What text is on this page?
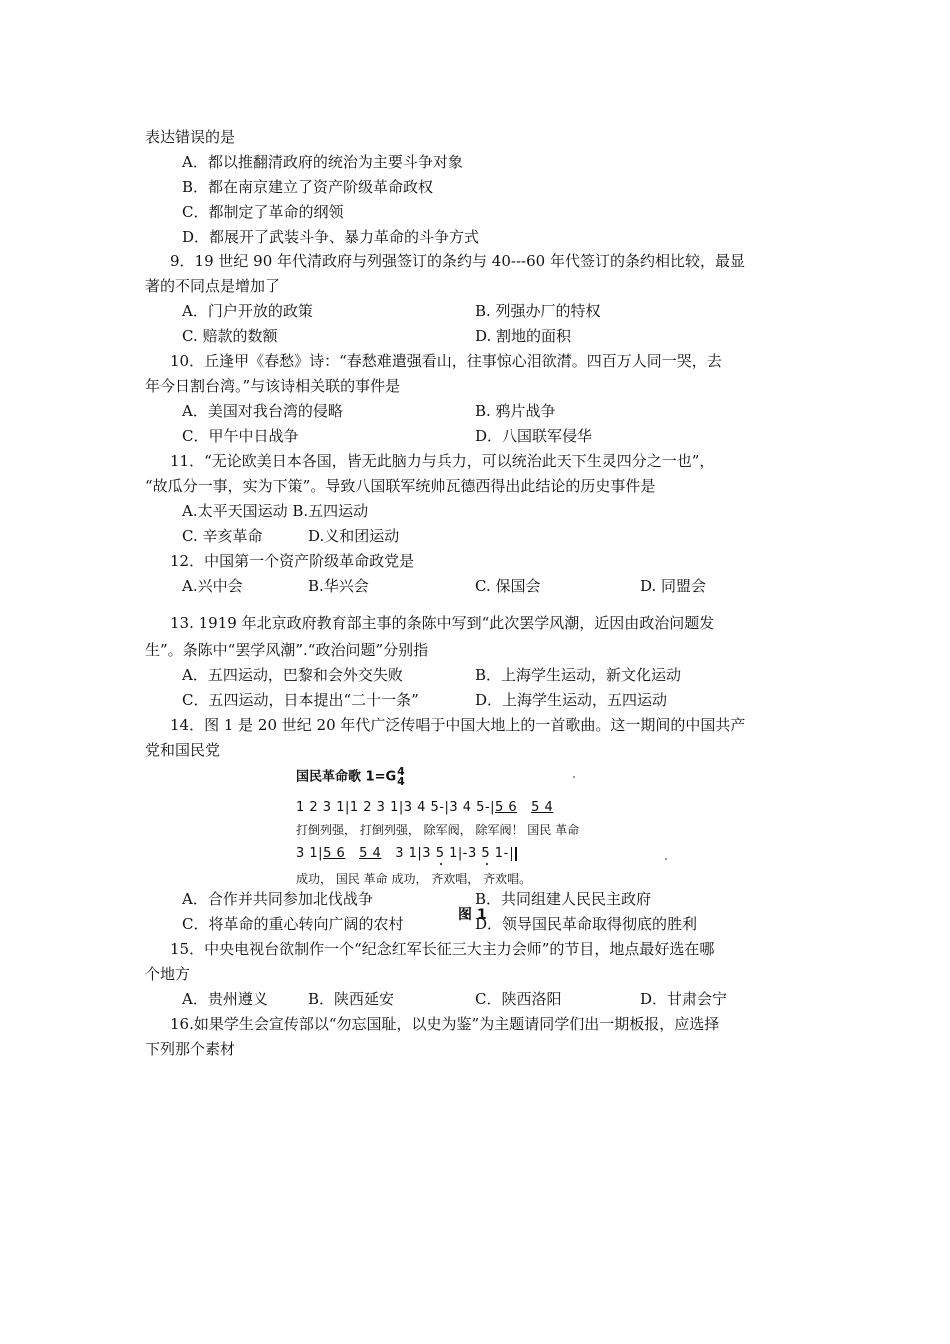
表达错误的是
A．都以推翻清政府的统治为主要斗争对象
B．都在南京建立了资产阶级革命政权
C．都制定了革命的纲领
D．都展开了武装斗争、暴力革命的斗争方式
9．19 世纪 90 年代清政府与列强签订的条约与 40---60 年代签订的条约相比较，最显
著的不同点是增加了
A．门户开放的政策	B. 列强办厂的特权
C. 赔款的数额	D. 割地的面积
10．丘逢甲《春愁》诗：“春愁难遣强看山，往事惊心泪欲潸。四百万人同一哭，去
年今日割台湾。”与该诗相关联的事件是
A．美国对我台湾的侵略	B. 鸦片战争
C．甲午中日战争	D．八国联军侵华
11．“无论欧美日本各国，皆无此脑力与兵力，可以统治此天下生灵四分之一也”，
“故瓜分一事，实为下策”。导致八国联军统帅瓦德西得出此结论的历史事件是
A.太平天国运动 B.五四运动
C. 辛亥革命	D.义和团运动
12．中国第一个资产阶级革命政党是
A.兴中会	B.华兴会	C. 保国会	D. 同盟会
13. 1919 年北京政府教育部主事的条陈中写到“此次罢学风潮，近因由政治问题发
生”。条陈中“罢学风潮”.“政治问题”分别指
A．五四运动，巴黎和会外交失败	B．上海学生运动，新文化运动
C．五四运动，日本提出“二十一条”	D．上海学生运动，五四运动
14．图 1 是 20 世纪 20 年代广泛传唱于中国大地上的一首歌曲。这一期间的中国共产
党和国民党
国民革命歌 1=G 4
4
1 2 3 1|1 2 3 1|3 4 5-|3 4 5-|5 6 5 4
打倒列强， 打倒列强， 除军阀， 除军阀！ 国民 革命
3 1|5 6 5 4 3 1|3 5 1|-3 5 1-
成功， 国民 革命 成功， 齐欢唱， 齐欢唱。
A．合作并共同参加北伐战争	B．共同组建人民民主政府
图 1
C．将革命的重心转向广阔的农村	D．领导国民革命取得彻底的胜利
15．中央电视台欲制作一个“纪念红军长征三大主力会师”的节目，地点最好选在哪
个地方
A．贵州遵义	B．陕西延安	C．陕西洛阳	D．甘肃会宁
16.如果学生会宣传部以“勿忘国耻，以史为鉴”为主题请同学们出一期板报，应选择
下列那个素材
